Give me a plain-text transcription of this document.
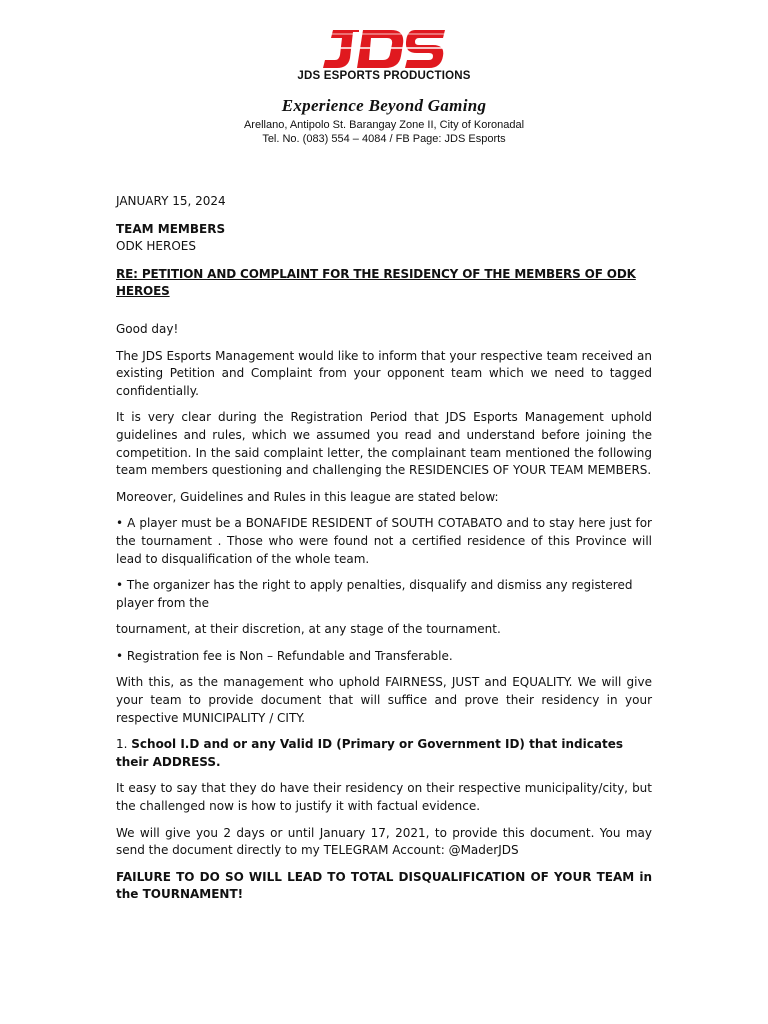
JDS ESPORTS PRODUCTIONS
Experience Beyond Gaming
Arellano, Antipolo St. Barangay Zone II, City of Koronadal
Tel. No. (083) 554 – 4084 / FB Page: JDS Esports

JANUARY 15, 2024

TEAM MEMBERS

ODK HEROES

RE: PETITION AND COMPLAINT FOR THE RESIDENCY OF THE MEMBERS OF ODK HEROES

Good day!

The JDS Esports Management would like to inform that your respective team received an existing Petition and Complaint from your opponent team which we need to tagged confidentially.

It is very clear during the Registration Period that JDS Esports Management uphold guidelines and rules, which we assumed you read and understand before joining the competition. In the said complaint letter, the complainant team mentioned the following team members questioning and challenging the RESIDENCIES OF YOUR TEAM MEMBERS.

Moreover, Guidelines and Rules in this league are stated below:

• A player must be a BONAFIDE RESIDENT of SOUTH COTABATO and to stay here just for the tournament . Those who were found not a certified residence of this Province will lead to disqualification of the whole team.

• The organizer has the right to apply penalties, disqualify and dismiss any registered player from the

tournament, at their discretion, at any stage of the tournament.

• Registration fee is Non – Refundable and Transferable.

With this, as the management who uphold FAIRNESS, JUST and EQUALITY. We will give your team to provide document that will suffice and prove their residency in your respective MUNICIPALITY / CITY.

1. School I.D and or any Valid ID (Primary or Government ID) that indicates their ADDRESS.

It easy to say that they do have their residency on their respective municipality/city, but the challenged now is how to justify it with factual evidence.

We will give you 2 days or until January 17, 2021, to provide this document. You may send the document directly to my TELEGRAM Account: @MaderJDS

FAILURE TO DO SO WILL LEAD TO TOTAL DISQUALIFICATION OF YOUR TEAM in the TOURNAMENT!
